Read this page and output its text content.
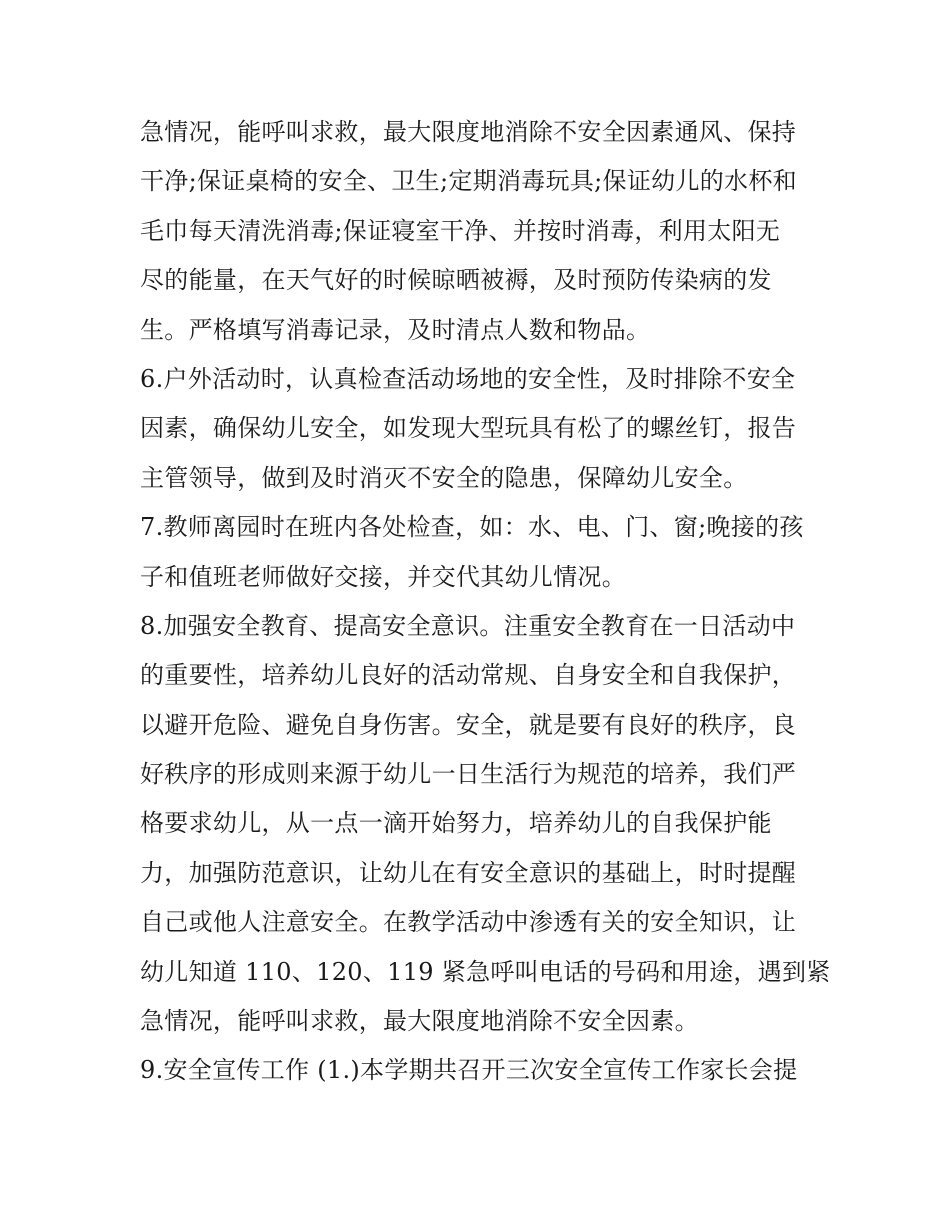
急情况，能呼叫求救，最大限度地消除不安全因素通风、保持
干净;保证桌椅的安全、卫生;定期消毒玩具;保证幼儿的水杯和
毛巾每天清洗消毒;保证寝室干净、并按时消毒，利用太阳无
尽的能量，在天气好的时候晾晒被褥，及时预防传染病的发
生。严格填写消毒记录，及时清点人数和物品。
6.户外活动时，认真检查活动场地的安全性，及时排除不安全
因素，确保幼儿安全，如发现大型玩具有松了的螺丝钉，报告
主管领导，做到及时消灭不安全的隐患，保障幼儿安全。
7.教师离园时在班内各处检查，如：水、电、门、窗;晚接的孩
子和值班老师做好交接，并交代其幼儿情况。
8.加强安全教育、提高安全意识。注重安全教育在一日活动中
的重要性，培养幼儿良好的活动常规、自身安全和自我保护，
以避开危险、避免自身伤害。安全，就是要有良好的秩序，良
好秩序的形成则来源于幼儿一日生活行为规范的培养，我们严
格要求幼儿，从一点一滴开始努力，培养幼儿的自我保护能
力，加强防范意识，让幼儿在有安全意识的基础上，时时提醒
自己或他人注意安全。在教学活动中渗透有关的安全知识，让
幼儿知道 110、120、119 紧急呼叫电话的号码和用途，遇到紧
急情况，能呼叫求救，最大限度地消除不安全因素。
9.安全宣传工作 (1.)本学期共召开三次安全宣传工作家长会提
